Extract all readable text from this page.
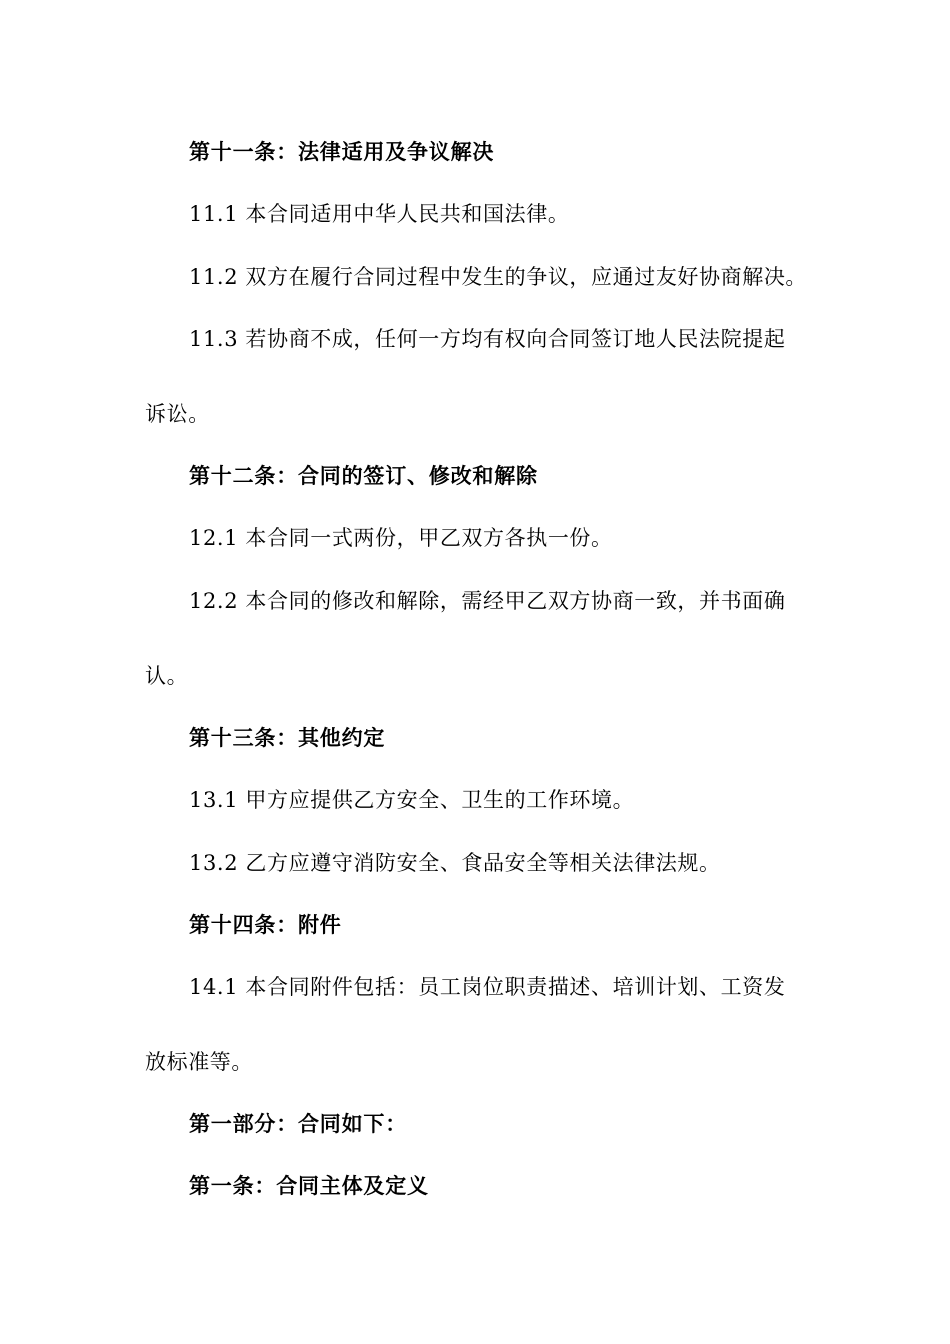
第十一条：法律适用及争议解决
11.1 本合同适用中华人民共和国法律。
11.2 双方在履行合同过程中发生的争议，应通过友好协商解决。
11.3 若协商不成，任何一方均有权向合同签订地人民法院提起
诉讼。
第十二条：合同的签订、修改和解除
12.1 本合同一式两份，甲乙双方各执一份。
12.2 本合同的修改和解除，需经甲乙双方协商一致，并书面确
认。
第十三条：其他约定
13.1 甲方应提供乙方安全、卫生的工作环境。
13.2 乙方应遵守消防安全、食品安全等相关法律法规。
第十四条：附件
14.1 本合同附件包括：员工岗位职责描述、培训计划、工资发
放标准等。
第一部分：合同如下：
第一条：合同主体及定义
